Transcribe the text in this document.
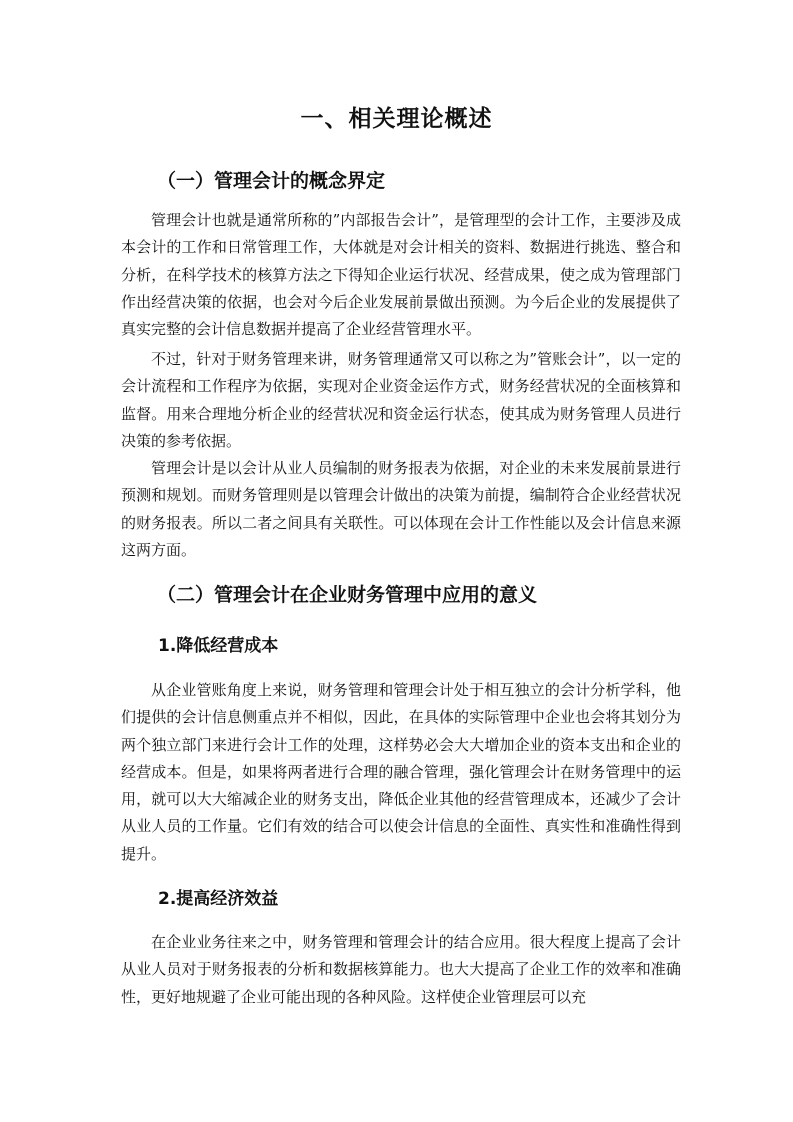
一、相关理论概述
（一）管理会计的概念界定

管理会计也就是通常所称的”内部报告会计”，是管理型的会计工作，主要涉及成本会计的工作和日常管理工作，大体就是对会计相关的资料、数据进行挑选、整合和分析，在科学技术的核算方法之下得知企业运行状况、经营成果，使之成为管理部门作出经营决策的依据，也会对今后企业发展前景做出预测。为今后企业的发展提供了真实完整的会计信息数据并提高了企业经营管理水平。

不过，针对于财务管理来讲，财务管理通常又可以称之为”管账会计”，以一定的会计流程和工作程序为依据，实现对企业资金运作方式，财务经营状况的全面核算和监督。用来合理地分析企业的经营状况和资金运行状态，使其成为财务管理人员进行决策的参考依据。

管理会计是以会计从业人员编制的财务报表为依据，对企业的未来发展前景进行预测和规划。而财务管理则是以管理会计做出的决策为前提，编制符合企业经营状况的财务报表。所以二者之间具有关联性。可以体现在会计工作性能以及会计信息来源这两方面。

（二）管理会计在企业财务管理中应用的意义
1.降低经营成本

从企业管账角度上来说，财务管理和管理会计处于相互独立的会计分析学科，他们提供的会计信息侧重点并不相似，因此，在具体的实际管理中企业也会将其划分为两个独立部门来进行会计工作的处理，这样势必会大大增加企业的资本支出和企业的经营成本。但是，如果将两者进行合理的融合管理，强化管理会计在财务管理中的运用，就可以大大缩减企业的财务支出，降低企业其他的经营管理成本，还减少了会计从业人员的工作量。它们有效的结合可以使会计信息的全面性、真实性和准确性得到提升。

2.提高经济效益

在企业业务往来之中，财务管理和管理会计的结合应用。很大程度上提高了会计从业人员对于财务报表的分析和数据核算能力。也大大提高了企业工作的效率和准确性，更好地规避了企业可能出现的各种风险。这样使企业管理层可以充
